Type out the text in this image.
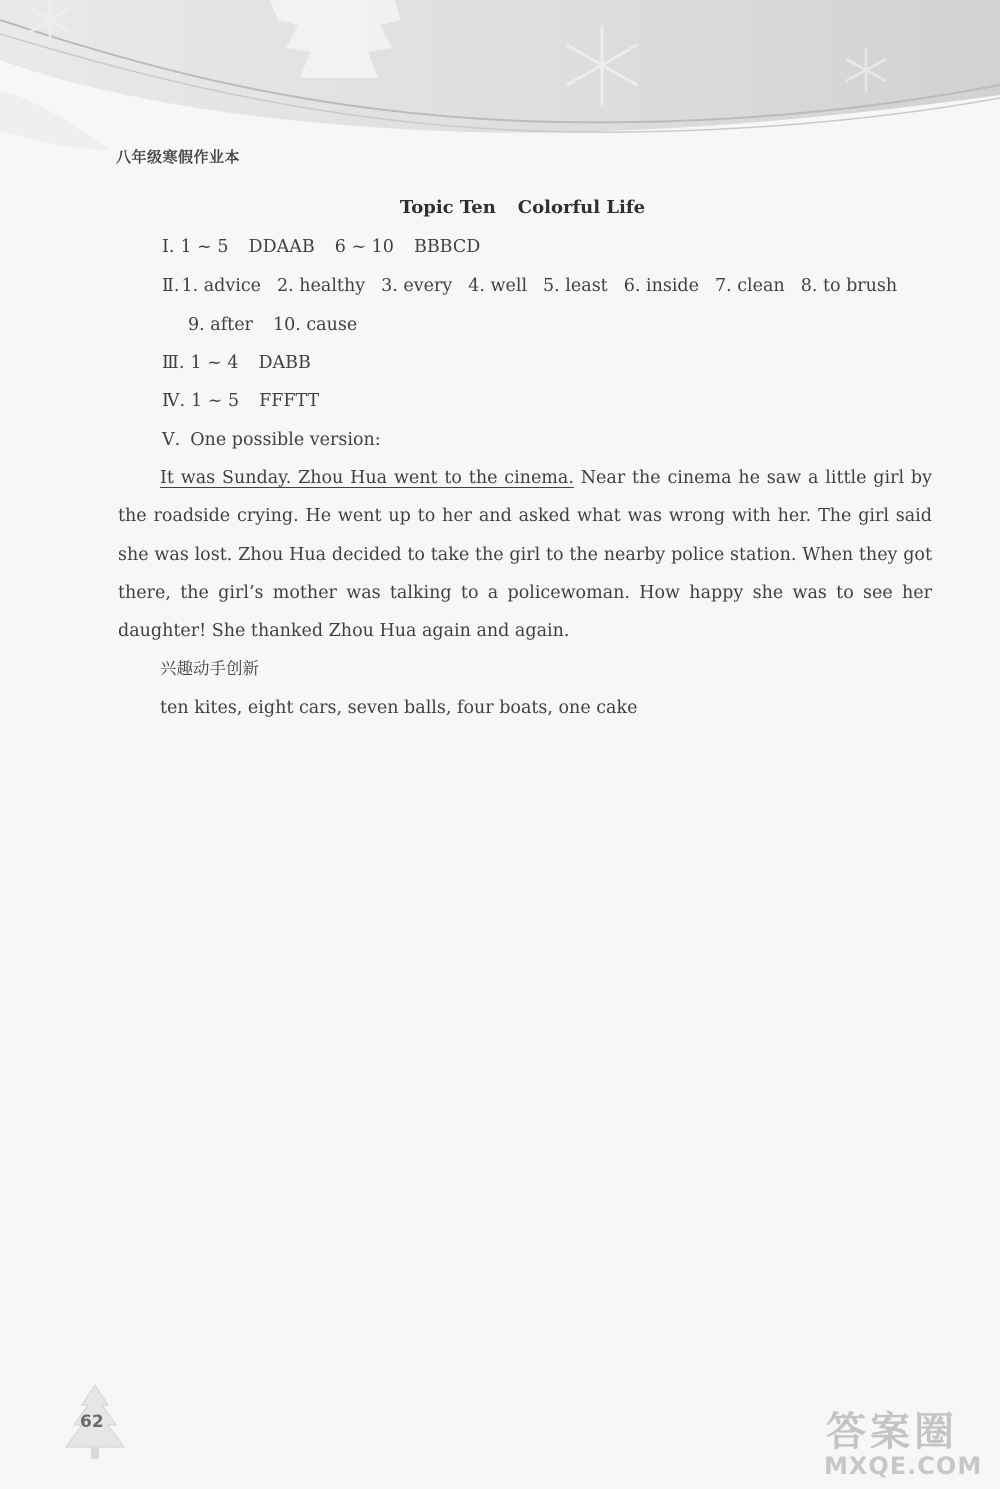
八年级寒假作业本
Topic Ten Colorful Life
Ⅰ. 1 ~ 5 DDAAB 6 ~ 10 BBBCD
Ⅱ. 1. advice 2. healthy 3. every 4. well 5. least 6. inside 7. clean 8. to brush
9. after 10. cause
Ⅲ. 1 ~ 4 DABB
Ⅳ. 1 ~ 5 FFFTT
Ⅴ. One possible version:
It was Sunday. Zhou Hua went to the cinema. Near the cinema he saw a little girl by the roadside crying. He went up to her and asked what was wrong with her. The girl said she was lost. Zhou Hua decided to take the girl to the nearby police station. When they got there, the girl’s mother was talking to a policewoman. How happy she was to see her daughter! She thanked Zhou Hua again and again.
兴趣动手创新
ten kites, eight cars, seven balls, four boats, one cake
62	答案圈
MXQE.COM
